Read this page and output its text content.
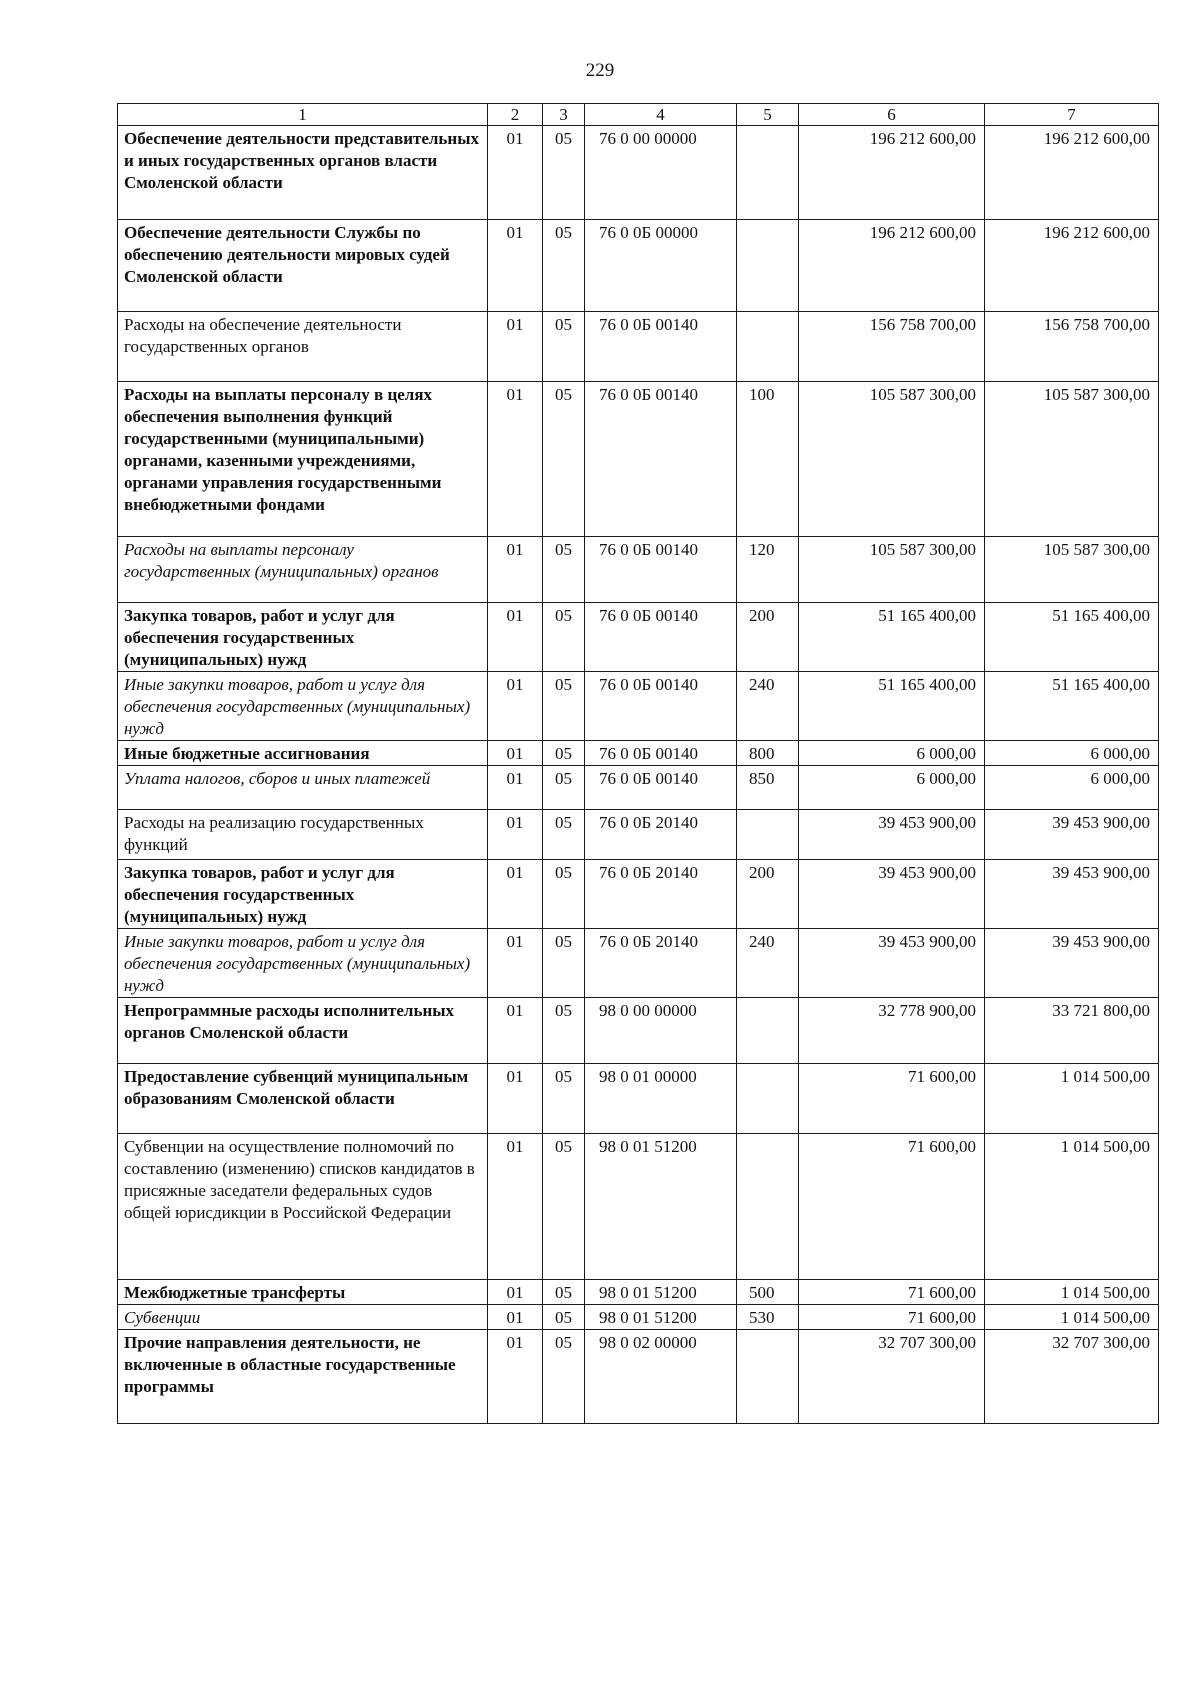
229
1	2	3	4	5	6	7
Обеспечение деятельности представительных и иных государственных органов власти Смоленской области	01	05	76 0 00 00000		196 212 600,00	196 212 600,00
Обеспечение деятельности Службы по обеспечению деятельности мировых судей Смоленской области	01	05	76 0 0Б 00000		196 212 600,00	196 212 600,00
Расходы на обеспечение деятельности государственных органов	01	05	76 0 0Б 00140		156 758 700,00	156 758 700,00
Расходы на выплаты персоналу в целях обеспечения выполнения функций государственными (муниципальными) органами, казенными учреждениями, органами управления государственными внебюджетными фондами	01	05	76 0 0Б 00140	100	105 587 300,00	105 587 300,00
Расходы на выплаты персоналу государственных (муниципальных) органов	01	05	76 0 0Б 00140	120	105 587 300,00	105 587 300,00
Закупка товаров, работ и услуг для обеспечения государственных (муниципальных) нужд	01	05	76 0 0Б 00140	200	51 165 400,00	51 165 400,00
Иные закупки товаров, работ и услуг для обеспечения государственных (муниципальных) нужд	01	05	76 0 0Б 00140	240	51 165 400,00	51 165 400,00
Иные бюджетные ассигнования	01	05	76 0 0Б 00140	800	6 000,00	6 000,00
Уплата налогов, сборов и иных платежей	01	05	76 0 0Б 00140	850	6 000,00	6 000,00
Расходы на реализацию государственных функций	01	05	76 0 0Б 20140		39 453 900,00	39 453 900,00
Закупка товаров, работ и услуг для обеспечения государственных (муниципальных) нужд	01	05	76 0 0Б 20140	200	39 453 900,00	39 453 900,00
Иные закупки товаров, работ и услуг для обеспечения государственных (муниципальных) нужд	01	05	76 0 0Б 20140	240	39 453 900,00	39 453 900,00
Непрограммные расходы исполнительных органов Смоленской области	01	05	98 0 00 00000		32 778 900,00	33 721 800,00
Предоставление субвенций муниципальным образованиям Смоленской области	01	05	98 0 01 00000		71 600,00	1 014 500,00
Субвенции на осуществление полномочий по составлению (изменению) списков кандидатов в присяжные заседатели федеральных судов общей юрисдикции в Российской Федерации	01	05	98 0 01 51200		71 600,00	1 014 500,00
Межбюджетные трансферты	01	05	98 0 01 51200	500	71 600,00	1 014 500,00
Субвенции	01	05	98 0 01 51200	530	71 600,00	1 014 500,00
Прочие направления деятельности, не включенные в областные государственные программы	01	05	98 0 02 00000		32 707 300,00	32 707 300,00
